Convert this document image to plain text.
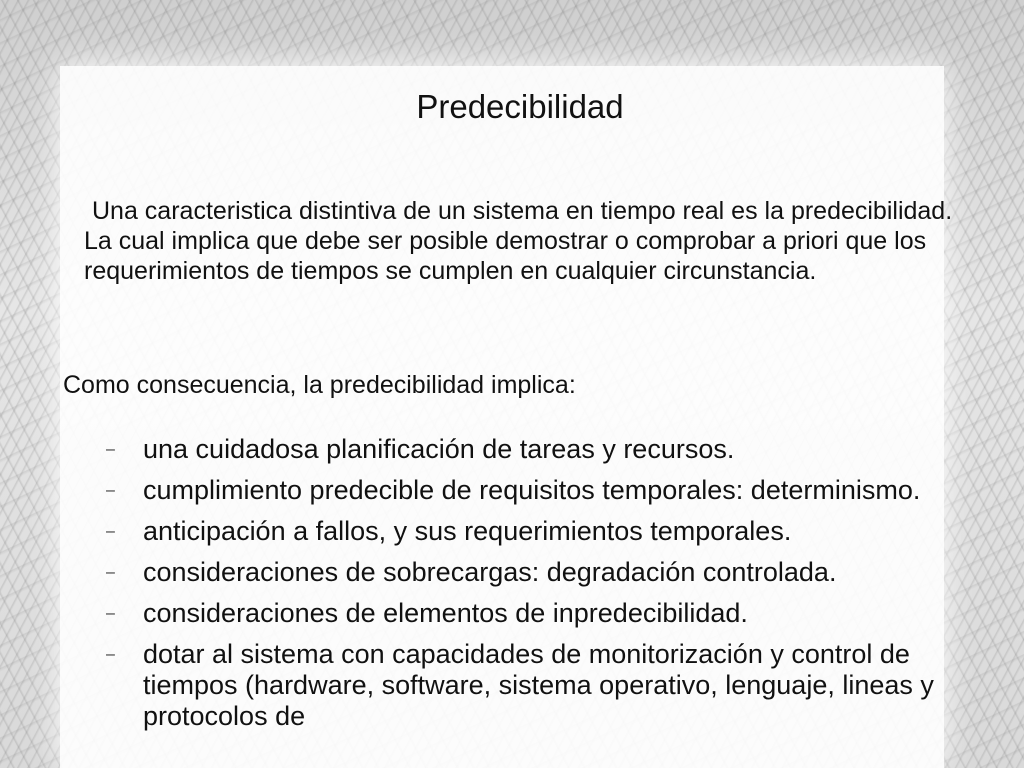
Predecibilidad

Una caracteristica distintiva de un sistema en tiempo real es la predecibilidad. La cual implica que debe ser posible demostrar o comprobar a priori que los requerimientos de tiempos se cumplen en cualquier circunstancia.

Como consecuencia, la predecibilidad implica:

– una cuidadosa planificación de tareas y recursos.
– cumplimiento predecible de requisitos temporales: determinismo.
– anticipación a fallos, y sus requerimientos temporales.
– consideraciones de sobrecargas: degradación controlada.
– consideraciones de elementos de inpredecibilidad.
– dotar al sistema con capacidades de monitorización y control de tiempos (hardware, software, sistema operativo, lenguaje, lineas y protocolos de
